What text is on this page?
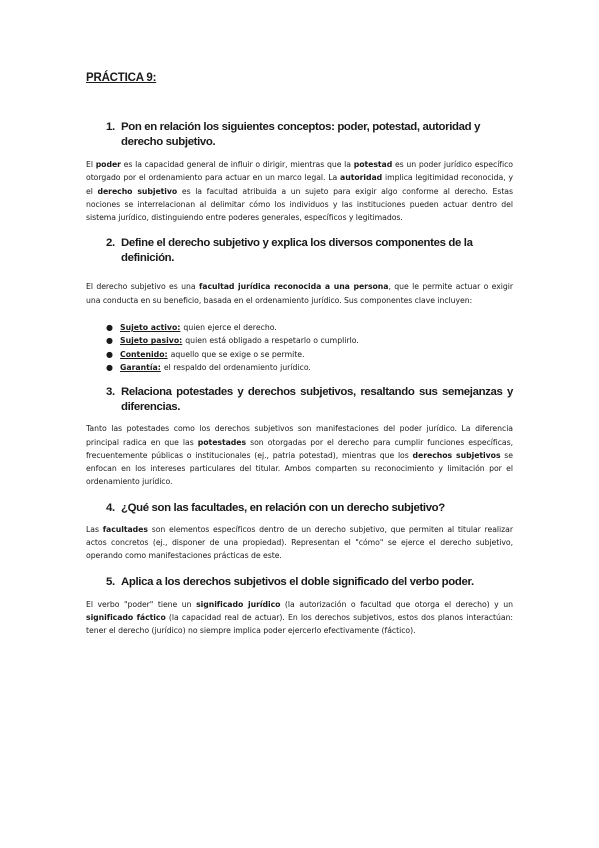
PRÁCTICA 9:
1. Pon en relación los siguientes conceptos: poder, potestad, autoridad y derecho subjetivo.

El poder es la capacidad general de influir o dirigir, mientras que la potestad es un poder jurídico específico otorgado por el ordenamiento para actuar en un marco legal. La autoridad implica legitimidad reconocida, y el derecho subjetivo es la facultad atribuida a un sujeto para exigir algo conforme al derecho. Estas nociones se interrelacionan al delimitar cómo los individuos y las instituciones pueden actuar dentro del sistema jurídico, distinguiendo entre poderes generales, específicos y legitimados.

2. Define el derecho subjetivo y explica los diversos componentes de la definición.

El derecho subjetivo es una facultad jurídica reconocida a una persona, que le permite actuar o exigir una conducta en su beneficio, basada en el ordenamiento jurídico. Sus componentes clave incluyen:

● Sujeto activo: quien ejerce el derecho.
● Sujeto pasivo: quien está obligado a respetarlo o cumplirlo.
● Contenido: aquello que se exige o se permite.
● Garantía: el respaldo del ordenamiento jurídico.
3. Relaciona potestades y derechos subjetivos, resaltando sus semejanzas y diferencias.

Tanto las potestades como los derechos subjetivos son manifestaciones del poder jurídico. La diferencia principal radica en que las potestades son otorgadas por el derecho para cumplir funciones específicas, frecuentemente públicas o institucionales (ej., patria potestad), mientras que los derechos subjetivos se enfocan en los intereses particulares del titular. Ambos comparten su reconocimiento y limitación por el ordenamiento jurídico.

4. ¿Qué son las facultades, en relación con un derecho subjetivo?

Las facultades son elementos específicos dentro de un derecho subjetivo, que permiten al titular realizar actos concretos (ej., disponer de una propiedad). Representan el "cómo" se ejerce el derecho subjetivo, operando como manifestaciones prácticas de este.

5. Aplica a los derechos subjetivos el doble significado del verbo poder.

El verbo "poder" tiene un significado jurídico (la autorización o facultad que otorga el derecho) y un significado fáctico (la capacidad real de actuar). En los derechos subjetivos, estos dos planos interactúan: tener el derecho (jurídico) no siempre implica poder ejercerlo efectivamente (fáctico).
